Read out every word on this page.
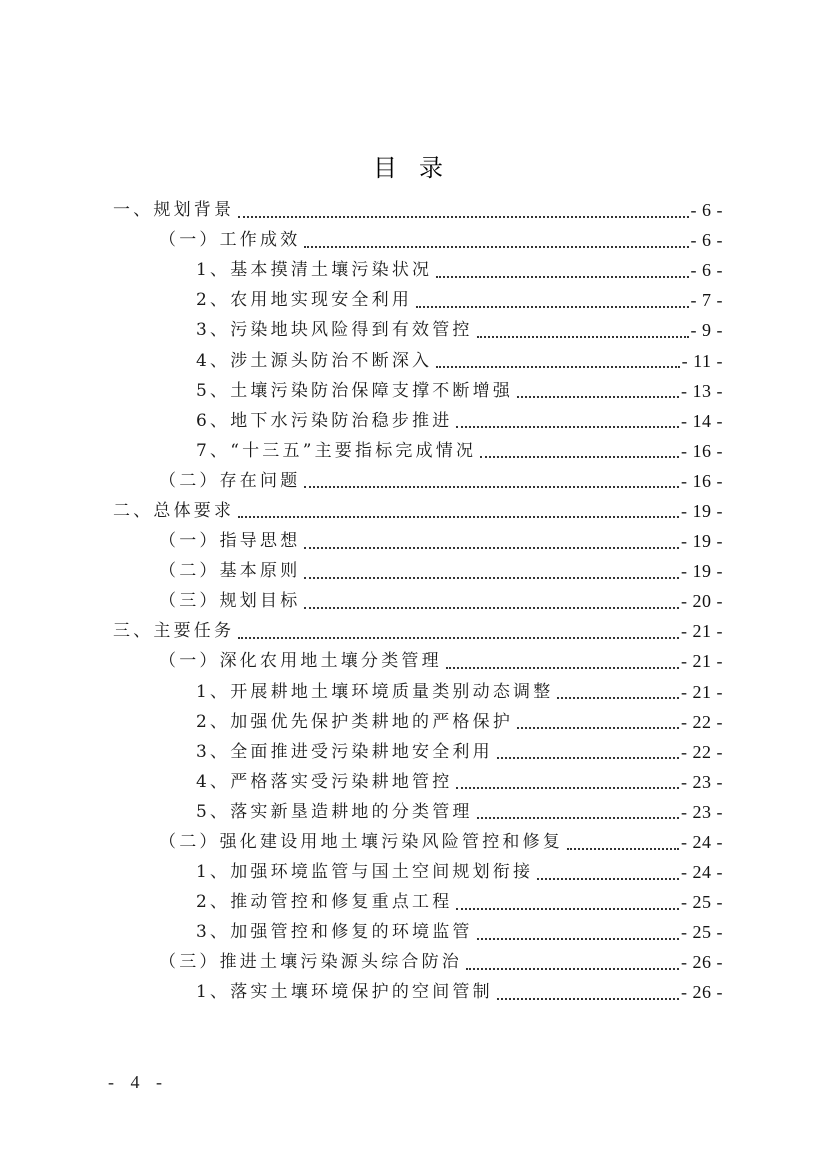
目录
一、规划背景	- 6 -
（一）工作成效	- 6 -
1、基本摸清土壤污染状况	- 6 -
2、农用地实现安全利用	- 7 -
3、污染地块风险得到有效管控	- 9 -
4、涉土源头防治不断深入	- 11 -
5、土壤污染防治保障支撑不断增强	- 13 -
6、地下水污染防治稳步推进	- 14 -
7、“十三五”主要指标完成情况	- 16 -
（二）存在问题	- 16 -
二、总体要求	- 19 -
（一）指导思想	- 19 -
（二）基本原则	- 19 -
（三）规划目标	- 20 -
三、主要任务	- 21 -
（一）深化农用地土壤分类管理	- 21 -
1、开展耕地土壤环境质量类别动态调整	- 21 -
2、加强优先保护类耕地的严格保护	- 22 -
3、全面推进受污染耕地安全利用	- 22 -
4、严格落实受污染耕地管控	- 23 -
5、落实新垦造耕地的分类管理	- 23 -
（二）强化建设用地土壤污染风险管控和修复	- 24 -
1、加强环境监管与国土空间规划衔接	- 24 -
2、推动管控和修复重点工程	- 25 -
3、加强管控和修复的环境监管	- 25 -
（三）推进土壤污染源头综合防治	- 26 -
1、落实土壤环境保护的空间管制	- 26 -
- 4 -
